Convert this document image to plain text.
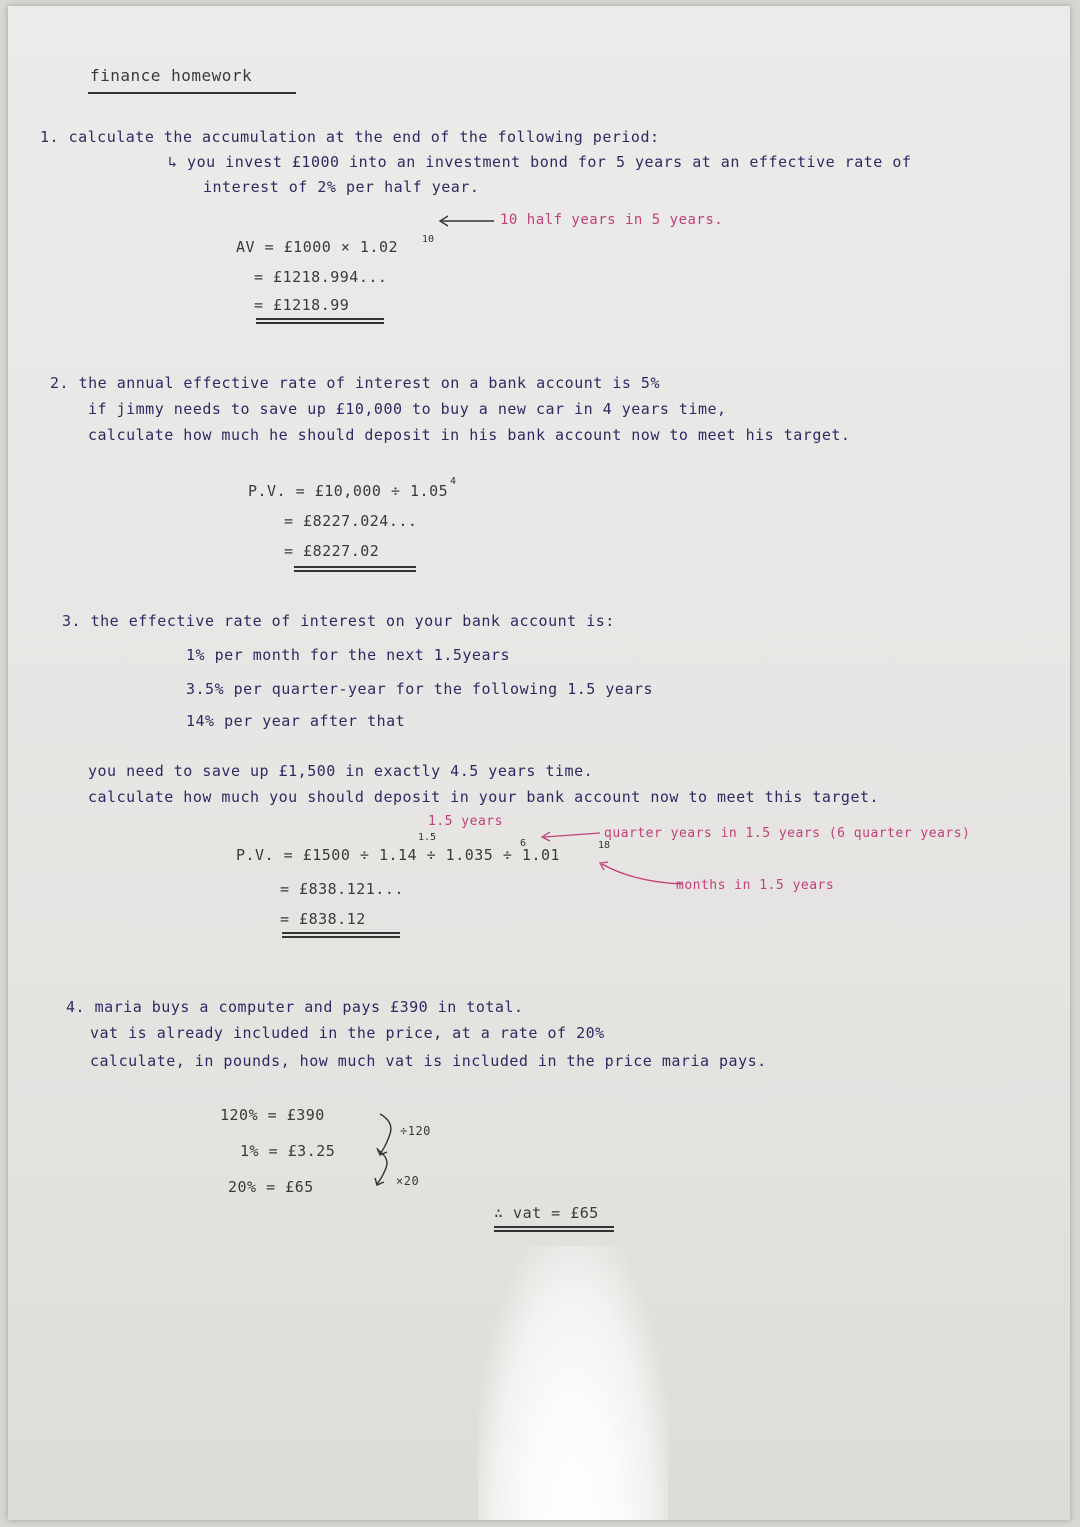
finance homework
1. calculate the accumulation at the end of the following period:
↳ you invest £1000 into an investment bond for 5 years at an effective rate of
interest of 2% per half year.
10 half years in 5 years.
AV = £1000 × 1.02 10
= £1218.994...
= £1218.99
2. the annual effective rate of interest on a bank account is 5%
if jimmy needs to save up £10,000 to buy a new car in 4 years time,
calculate how much he should deposit in his bank account now to meet his target.
P.V. = £10,000 ÷ 1.05
4
= £8227.024...
= £8227.02
3. the effective rate of interest on your bank account is:
1% per month for the next 1.5years
3.5% per quarter-year for the following 1.5 years
14% per year after that
you need to save up £1,500 in exactly 4.5 years time.
calculate how much you should deposit in your bank account now to meet this target.
1.5 years
quarter years in 1.5 years (6 quarter years)
P.V. = £1500 ÷ 1.14 ÷ 1.035 ÷ 1.01
1.5
6	18
months in 1.5 years
= £838.121...
= £838.12
4. maria buys a computer and pays £390 in total.
vat is already included in the price, at a rate of 20%
calculate, in pounds, how much vat is included in the price maria pays.
120% = £390
1% = £3.25
20% = £65
÷120
×20
∴ vat = £65
